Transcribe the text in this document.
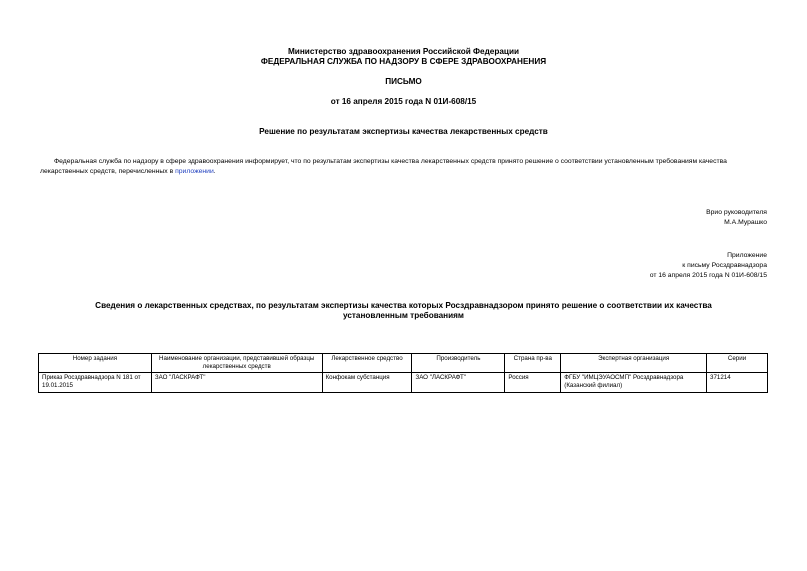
Министерство здравоохранения Российской Федерации
ФЕДЕРАЛЬНАЯ СЛУЖБА ПО НАДЗОРУ В СФЕРЕ ЗДРАВООХРАНЕНИЯ
ПИСЬМО
от 16 апреля 2015 года N 01И-608/15
Решение по результатам экспертизы качества лекарственных средств
Федеральная служба по надзору в сфере здравоохранения информирует, что по результатам экспертизы качества лекарственных средств принято решение о соответствии установленным требованиям качества лекарственных средств, перечисленных в приложении.
Врио руководителя
М.А.Мурашко
Приложение
к письму Росздравнадзора
от 16 апреля 2015 года N 01И-608/15
Сведения о лекарственных средствах, по результатам экспертизы качества которых Росздравнадзором принято решение о соответствии их качества установленным требованиям
Номер задания	Наименование организации, представившей образцы лекарственных средств	Лекарственное средство	Производитель	Страна пр-ва	Экспертная организация	Серии
Приказ Росздравнадзора N 181 от 19.01.2015	ЗАО "ЛАСКРАФТ"	Конфокам субстанция	ЗАО "ЛАСКРАФТ"	Россия	ФГБУ "ИМЦЭУАОСМП" Росздравнадзора (Казанский филиал)	371214
